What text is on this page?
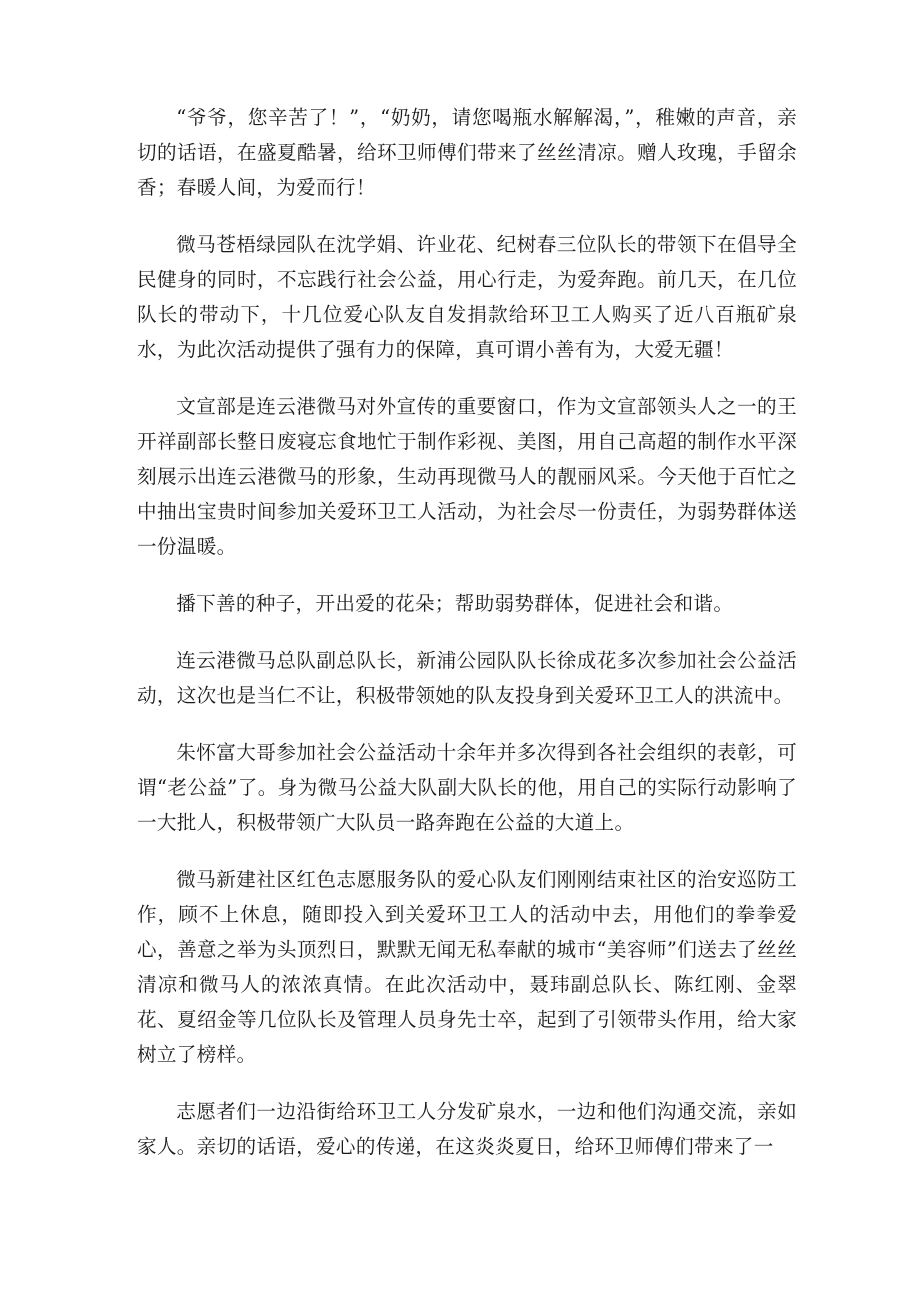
“爷爷，您辛苦了！”，“奶奶，请您喝瓶水解解渴，”，稚嫩的声音，亲切的话语，在盛夏酷暑，给环卫师傅们带来了丝丝清凉。赠人玫瑰，手留余香；春暖人间，为爱而行！

微马苍梧绿园队在沈学娟、许业花、纪树春三位队长的带领下在倡导全民健身的同时，不忘践行社会公益，用心行走，为爱奔跑。前几天，在几位队长的带动下，十几位爱心队友自发捐款给环卫工人购买了近八百瓶矿泉水，为此次活动提供了强有力的保障，真可谓小善有为，大爱无疆！

文宣部是连云港微马对外宣传的重要窗口，作为文宣部领头人之一的王开祥副部长整日废寝忘食地忙于制作彩视、美图，用自己高超的制作水平深刻展示出连云港微马的形象，生动再现微马人的靓丽风采。今天他于百忙之中抽出宝贵时间参加关爱环卫工人活动，为社会尽一份责任，为弱势群体送一份温暖。

播下善的种子，开出爱的花朵；帮助弱势群体，促进社会和谐。

连云港微马总队副总队长，新浦公园队队长徐成花多次参加社会公益活动，这次也是当仁不让，积极带领她的队友投身到关爱环卫工人的洪流中。

朱怀富大哥参加社会公益活动十余年并多次得到各社会组织的表彰，可谓“老公益”了。身为微马公益大队副大队长的他，用自己的实际行动影响了一大批人，积极带领广大队员一路奔跑在公益的大道上。

微马新建社区红色志愿服务队的爱心队友们刚刚结束社区的治安巡防工作，顾不上休息，随即投入到关爱环卫工人的活动中去，用他们的拳拳爱心，善意之举为头顶烈日，默默无闻无私奉献的城市“美容师”们送去了丝丝清凉和微马人的浓浓真情。在此次活动中，聂玮副总队长、陈红刚、金翠花、夏绍金等几位队长及管理人员身先士卒，起到了引领带头作用，给大家树立了榜样。

志愿者们一边沿街给环卫工人分发矿泉水，一边和他们沟通交流，亲如家人。亲切的话语，爱心的传递，在这炎炎夏日，给环卫师傅们带来了一
